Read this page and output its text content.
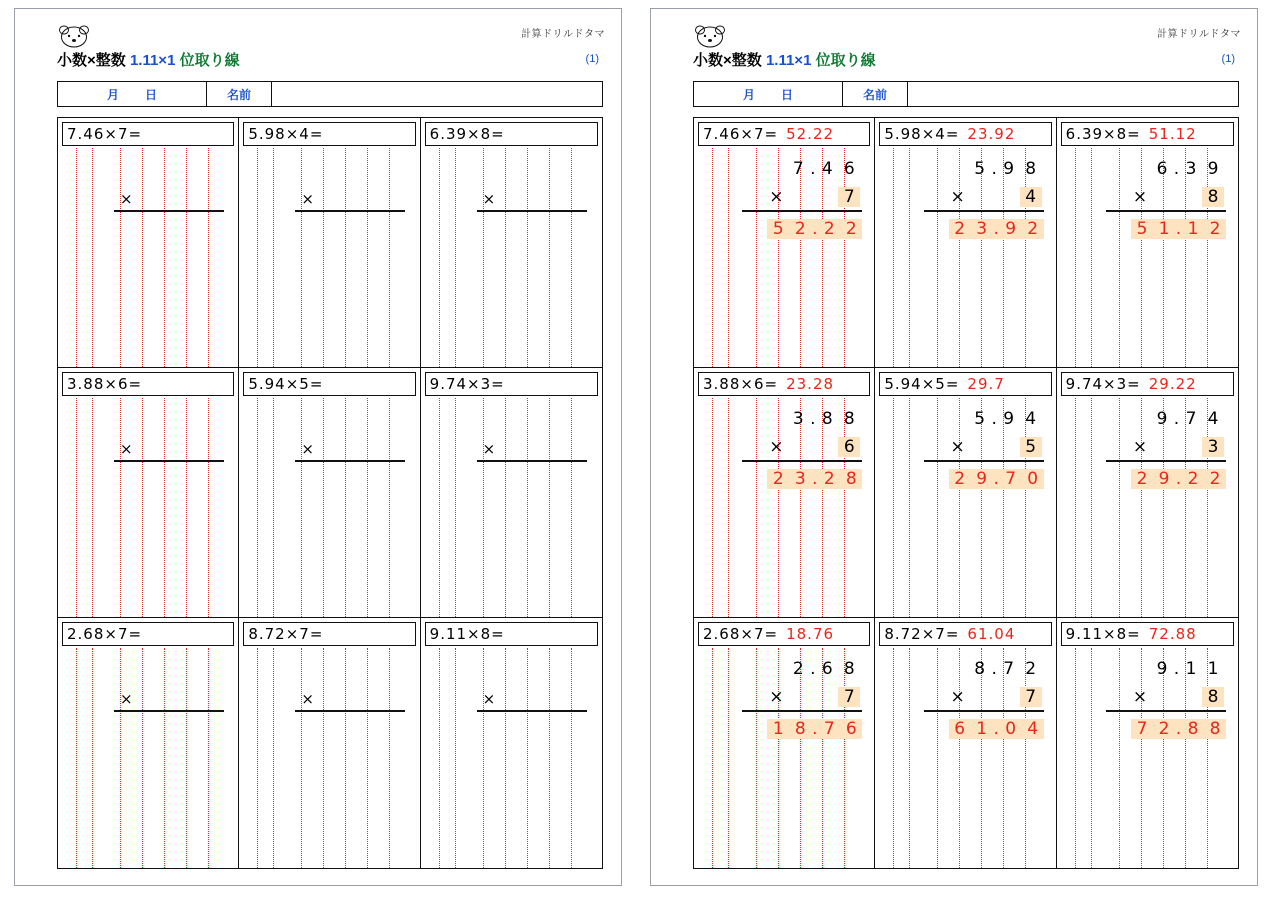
計算ドリルドタマ
小数×整数 1.11×1 位取り線	(1)
月 日	名前
7.46×7=
×
5.98×4=
×
6.39×8=
×
3.88×6=
×
5.94×5=
×
9.74×3=
×
2.68×7=
×
8.72×7=
×
9.11×8=
×
計算ドリルドタマ
小数×整数 1.11×1 位取り線	(1)
月 日	名前
7.46×7= 52.22
7 . 4 6
×	7
5 2 . 2 2
5.98×4= 23.92
5 . 9 8
×	4
2 3 . 9 2
6.39×8= 51.12
6 . 3 9
×	8
5 1 . 1 2
3.88×6= 23.28
3 . 8 8
×	6
2 3 . 2 8
5.94×5= 29.7
5 . 9 4
×	5
2 9 . 7 0
9.74×3= 29.22
9 . 7 4
×	3
2 9 . 2 2
2.68×7= 18.76
2 . 6 8
×	7
1 8 . 7 6
8.72×7= 61.04
8 . 7 2
×	7
6 1 . 0 4
9.11×8= 72.88
9 . 1 1
×	8
7 2 . 8 8
